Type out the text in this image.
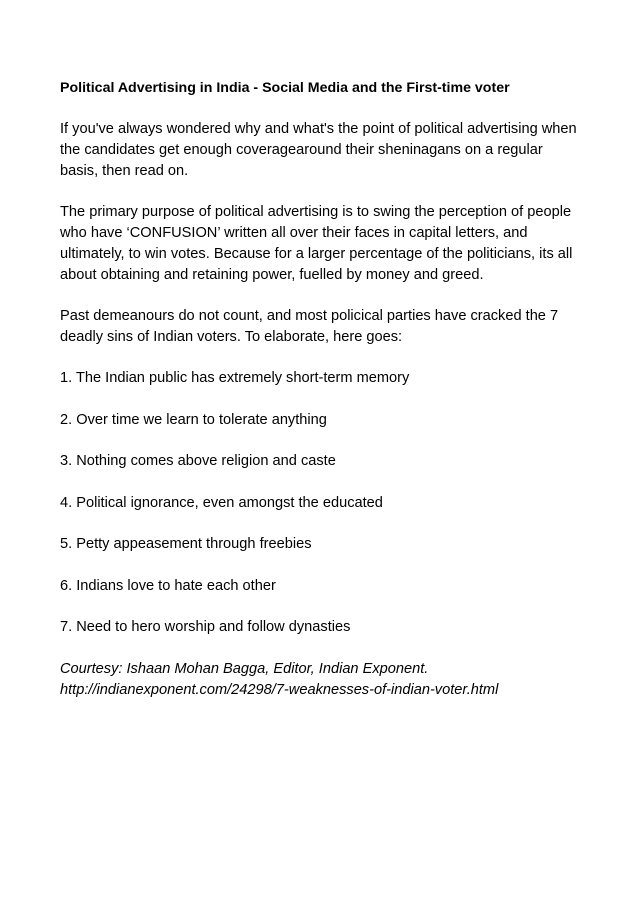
Political Advertising in India - Social Media and the First-time voter

If you've always wondered why and what's the point of political advertising when the candidates get enough coveragearound their sheninagans on a regular basis, then read on.

The primary purpose of political advertising is to swing the perception of people who have ‘CONFUSION’ written all over their faces in capital letters, and ultimately, to win votes. Because for a larger percentage of the politicians, its all about obtaining and retaining power, fuelled by money and greed.

Past demeanours do not count, and most policical parties have cracked the 7 deadly sins of Indian voters. To elaborate, here goes:

1. The Indian public has extremely short-term memory

2. Over time we learn to tolerate anything

3. Nothing comes above religion and caste

4. Political ignorance, even amongst the educated

5. Petty appeasement through freebies

6. Indians love to hate each other

7. Need to hero worship and follow dynasties

Courtesy: Ishaan Mohan Bagga, Editor, Indian Exponent.

http://indianexponent.com/24298/7-weaknesses-of-indian-voter.html
